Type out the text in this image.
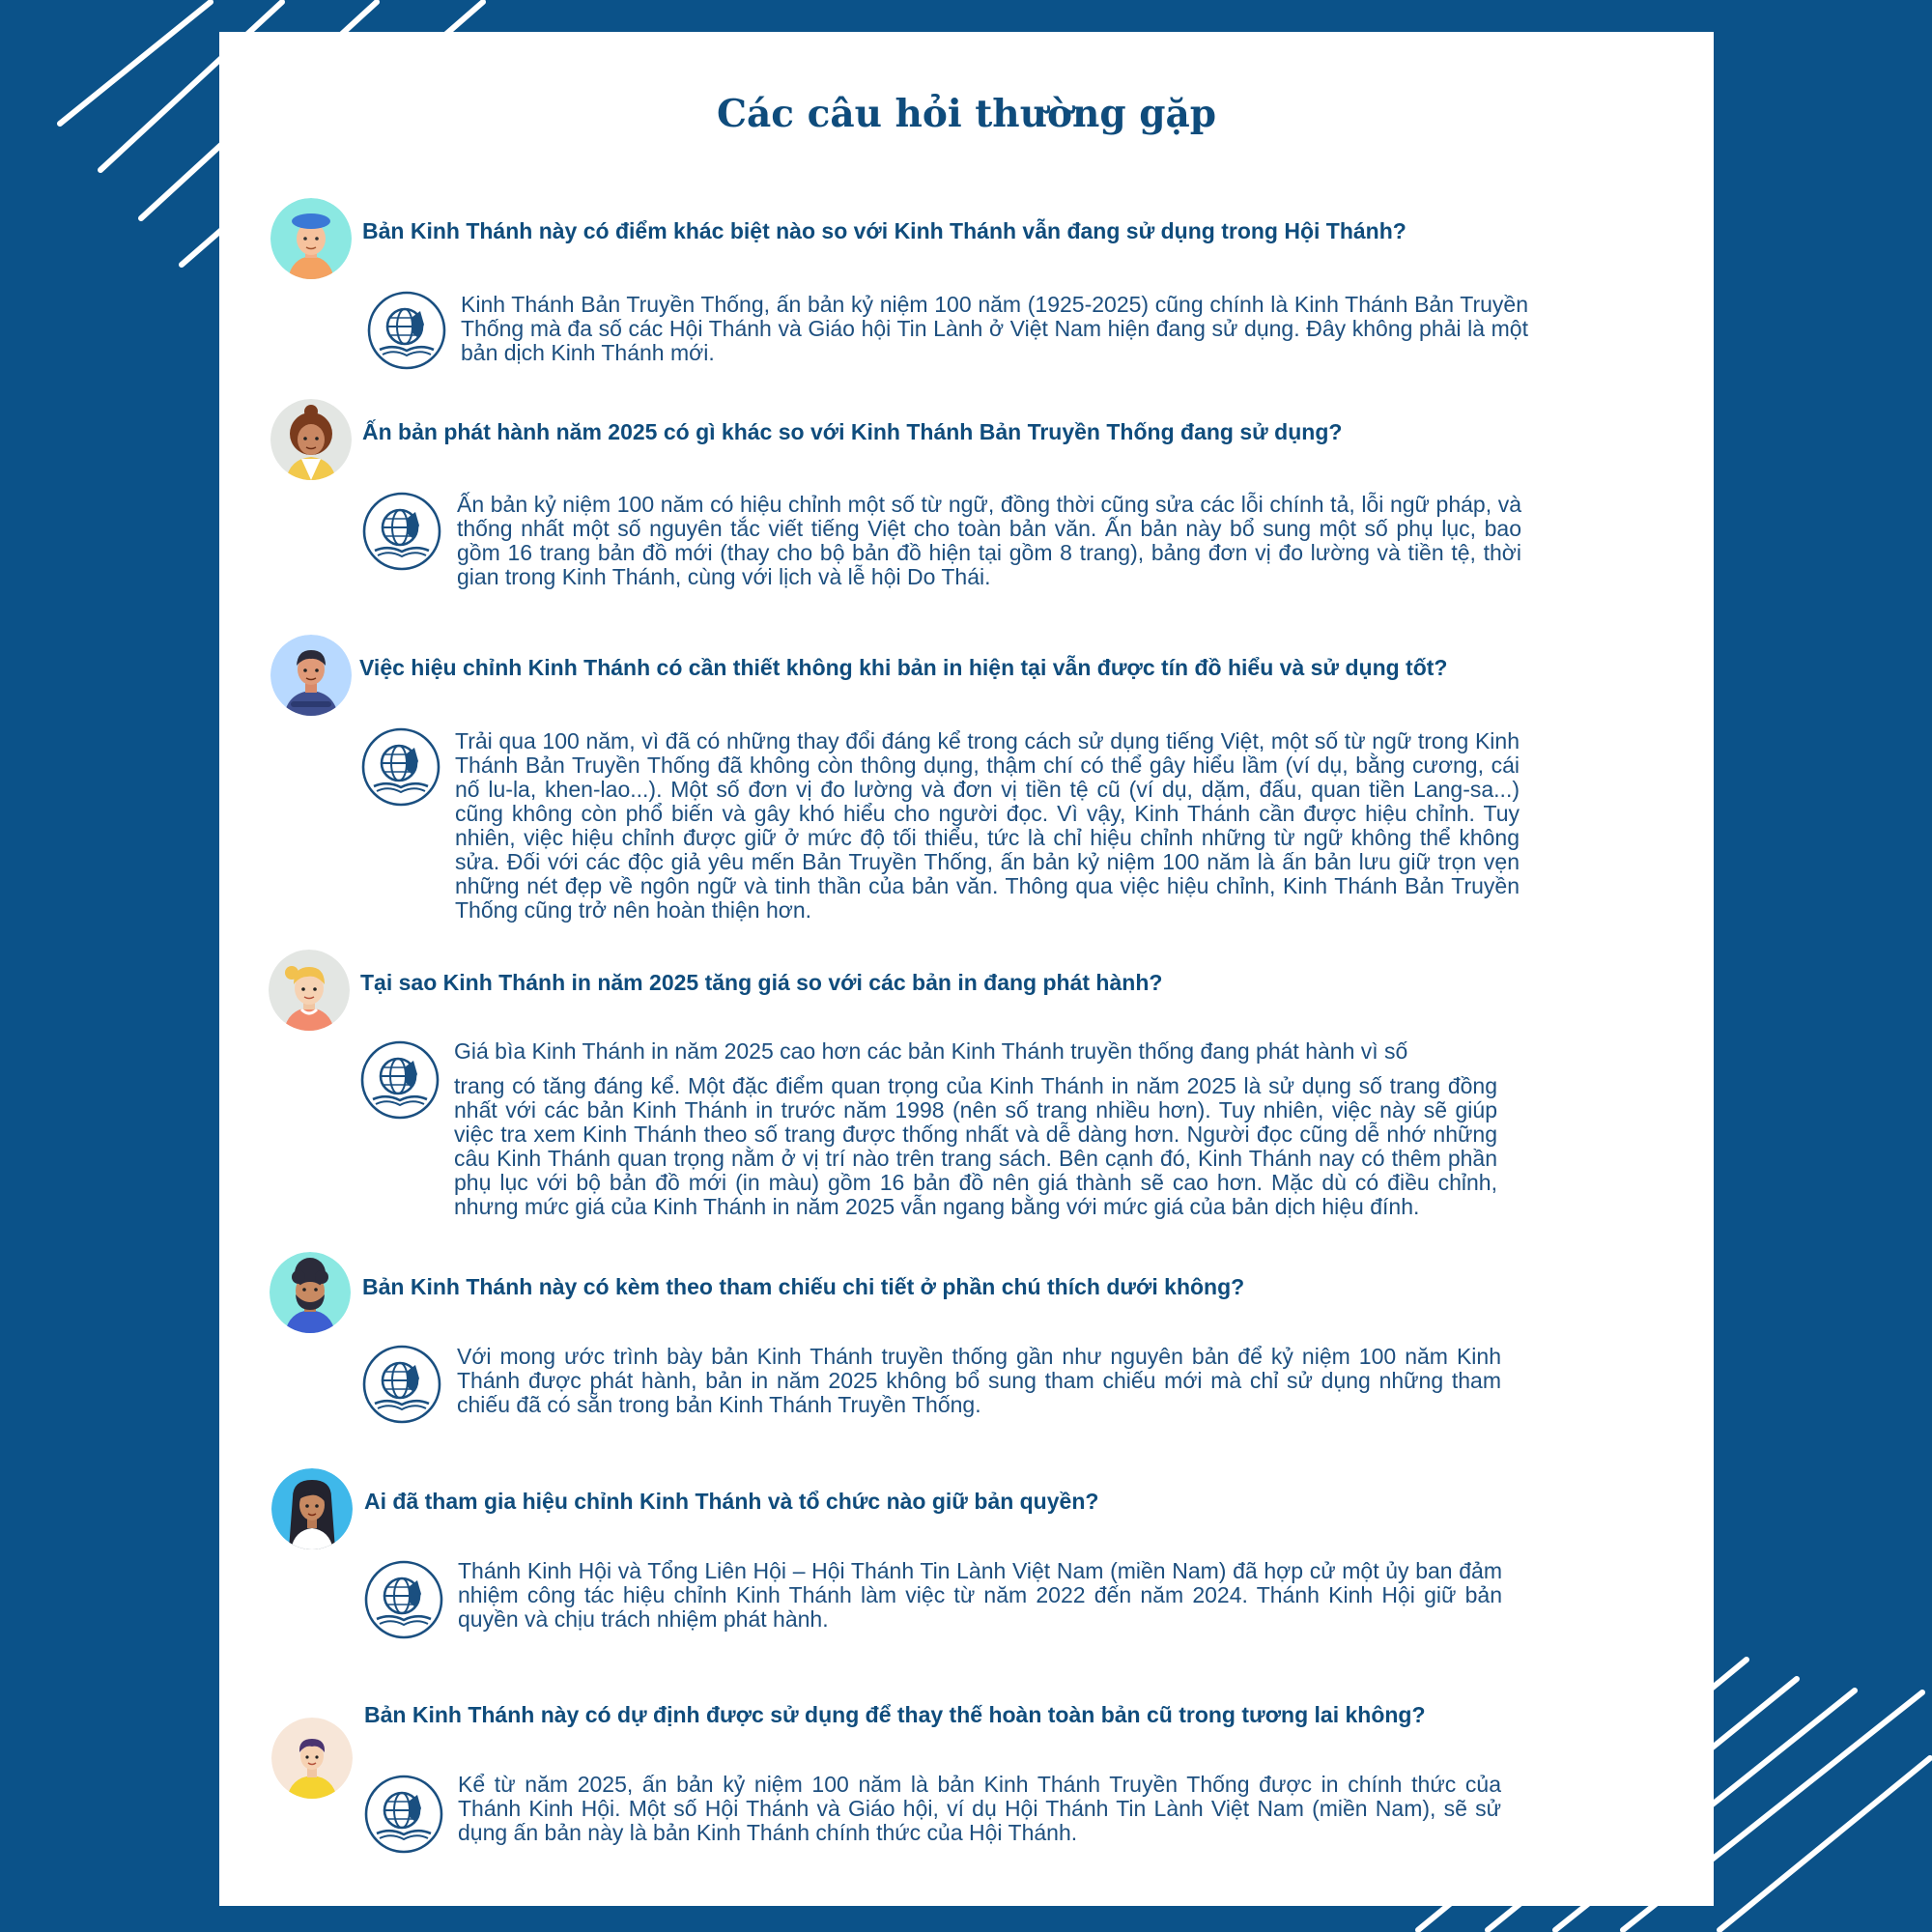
Các câu hỏi thường gặp

Bản Kinh Thánh này có điểm khác biệt nào so với Kinh Thánh vẫn đang sử dụng trong Hội Thánh?

Kinh Thánh Bản Truyền Thống, ấn bản kỷ niệm 100 năm (1925-2025) cũng chính là Kinh Thánh Bản Truyền Thống mà đa số các Hội Thánh và Giáo hội Tin Lành ở Việt Nam hiện đang sử dụng. Đây không phải là một bản dịch Kinh Thánh mới.

Ấn bản phát hành năm 2025 có gì khác so với Kinh Thánh Bản Truyền Thống đang sử dụng?

Ấn bản kỷ niệm 100 năm có hiệu chỉnh một số từ ngữ, đồng thời cũng sửa các lỗi chính tả, lỗi ngữ pháp, và thống nhất một số nguyên tắc viết tiếng Việt cho toàn bản văn. Ấn bản này bổ sung một số phụ lục, bao gồm 16 trang bản đồ mới (thay cho bộ bản đồ hiện tại gồm 8 trang), bảng đơn vị đo lường và tiền tệ, thời gian trong Kinh Thánh, cùng với lịch và lễ hội Do Thái.

Việc hiệu chỉnh Kinh Thánh có cần thiết không khi bản in hiện tại vẫn được tín đồ hiểu và sử dụng tốt?

Trải qua 100 năm, vì đã có những thay đổi đáng kể trong cách sử dụng tiếng Việt, một số từ ngữ trong Kinh Thánh Bản Truyền Thống đã không còn thông dụng, thậm chí có thể gây hiểu lầm (ví dụ, bằng cương, cái nố lu-la, khen-lao...). Một số đơn vị đo lường và đơn vị tiền tệ cũ (ví dụ, dặm, đấu, quan tiền Lang-sa...) cũng không còn phổ biến và gây khó hiểu cho người đọc. Vì vậy, Kinh Thánh cần được hiệu chỉnh. Tuy nhiên, việc hiệu chỉnh được giữ ở mức độ tối thiểu, tức là chỉ hiệu chỉnh những từ ngữ không thể không sửa. Đối với các độc giả yêu mến Bản Truyền Thống, ấn bản kỷ niệm 100 năm là ấn bản lưu giữ trọn vẹn những nét đẹp về ngôn ngữ và tinh thần của bản văn. Thông qua việc hiệu chỉnh, Kinh Thánh Bản Truyền Thống cũng trở nên hoàn thiện hơn.

Tại sao Kinh Thánh in năm 2025 tăng giá so với các bản in đang phát hành?

Giá bìa Kinh Thánh in năm 2025 cao hơn các bản Kinh Thánh truyền thống đang phát hành vì số

trang có tăng đáng kể. Một đặc điểm quan trọng của Kinh Thánh in năm 2025 là sử dụng số trang đồng nhất với các bản Kinh Thánh in trước năm 1998 (nên số trang nhiều hơn). Tuy nhiên, việc này sẽ giúp việc tra xem Kinh Thánh theo số trang được thống nhất và dễ dàng hơn. Người đọc cũng dễ nhớ những câu Kinh Thánh quan trọng nằm ở vị trí nào trên trang sách. Bên cạnh đó, Kinh Thánh nay có thêm phần phụ lục với bộ bản đồ mới (in màu) gồm 16 bản đồ nên giá thành sẽ cao hơn. Mặc dù có điều chỉnh, nhưng mức giá của Kinh Thánh in năm 2025 vẫn ngang bằng với mức giá của bản dịch hiệu đính.

Bản Kinh Thánh này có kèm theo tham chiếu chi tiết ở phần chú thích dưới không?

Với mong ước trình bày bản Kinh Thánh truyền thống gần như nguyên bản để kỷ niệm 100 năm Kinh Thánh được phát hành, bản in năm 2025 không bổ sung tham chiếu mới mà chỉ sử dụng những tham chiếu đã có sẵn trong bản Kinh Thánh Truyền Thống.

Ai đã tham gia hiệu chỉnh Kinh Thánh và tổ chức nào giữ bản quyền?

Thánh Kinh Hội và Tổng Liên Hội – Hội Thánh Tin Lành Việt Nam (miền Nam) đã hợp cử một ủy ban đảm nhiệm công tác hiệu chỉnh Kinh Thánh làm việc từ năm 2022 đến năm 2024. Thánh Kinh Hội giữ bản quyền và chịu trách nhiệm phát hành.

Bản Kinh Thánh này có dự định được sử dụng để thay thế hoàn toàn bản cũ trong tương lai không?

Kể từ năm 2025, ấn bản kỷ niệm 100 năm là bản Kinh Thánh Truyền Thống được in chính thức của Thánh Kinh Hội. Một số Hội Thánh và Giáo hội, ví dụ Hội Thánh Tin Lành Việt Nam (miền Nam), sẽ sử dụng ấn bản này là bản Kinh Thánh chính thức của Hội Thánh.
